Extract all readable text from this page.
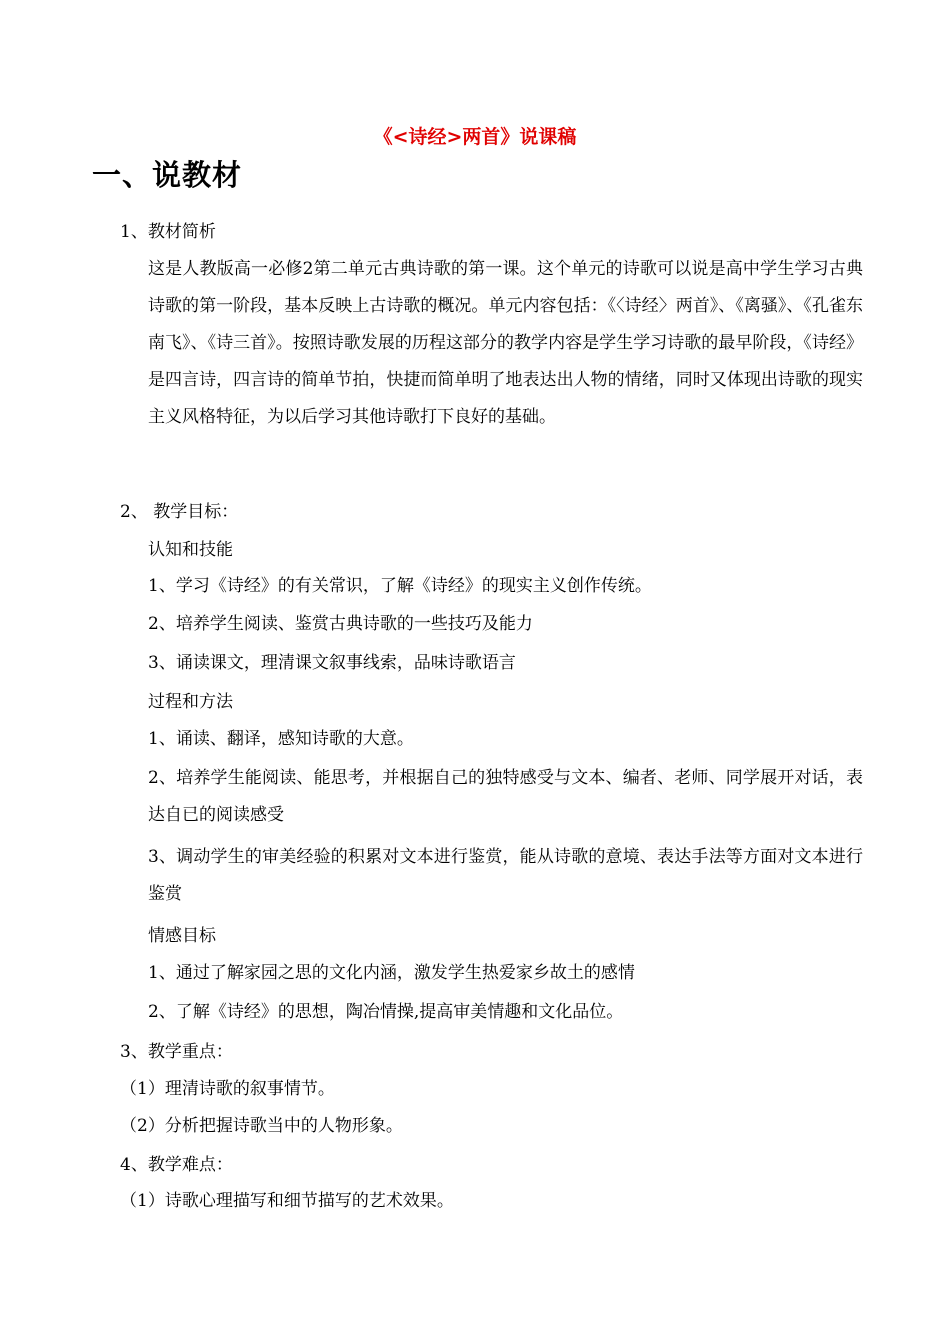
《<诗经>两首》说课稿
一、说教材
1、教材简析
这是人教版高一必修2第二单元古典诗歌的第一课。这个单元的诗歌可以说是高中学生学习古典诗歌的第一阶段，基本反映上古诗歌的概况。单元内容包括：《〈诗经〉两首》、《离骚》、《孔雀东南飞》、《诗三首》。按照诗歌发展的历程这部分的教学内容是学生学习诗歌的最早阶段，《诗经》是四言诗，四言诗的简单节拍，快捷而简单明了地表达出人物的情绪，同时又体现出诗歌的现实主义风格特征，为以后学习其他诗歌打下良好的基础。
2、 教学目标：
认知和技能
1、学习《诗经》的有关常识，了解《诗经》的现实主义创作传统。
2、培养学生阅读、鉴赏古典诗歌的一些技巧及能力
3、诵读课文，理清课文叙事线索，品味诗歌语言
过程和方法
1、诵读、翻译，感知诗歌的大意。
2、培养学生能阅读、能思考，并根据自己的独特感受与文本、编者、老师、同学展开对话，表达自已的阅读感受
3、调动学生的审美经验的积累对文本进行鉴赏，能从诗歌的意境、表达手法等方面对文本进行鉴赏
情感目标
1、通过了解家园之思的文化内涵，激发学生热爱家乡故土的感情
2、了解《诗经》的思想，陶冶情操,提高审美情趣和文化品位。
3、教学重点：
（1）理清诗歌的叙事情节。
（2）分析把握诗歌当中的人物形象。
4、教学难点：
（1）诗歌心理描写和细节描写的艺术效果。
